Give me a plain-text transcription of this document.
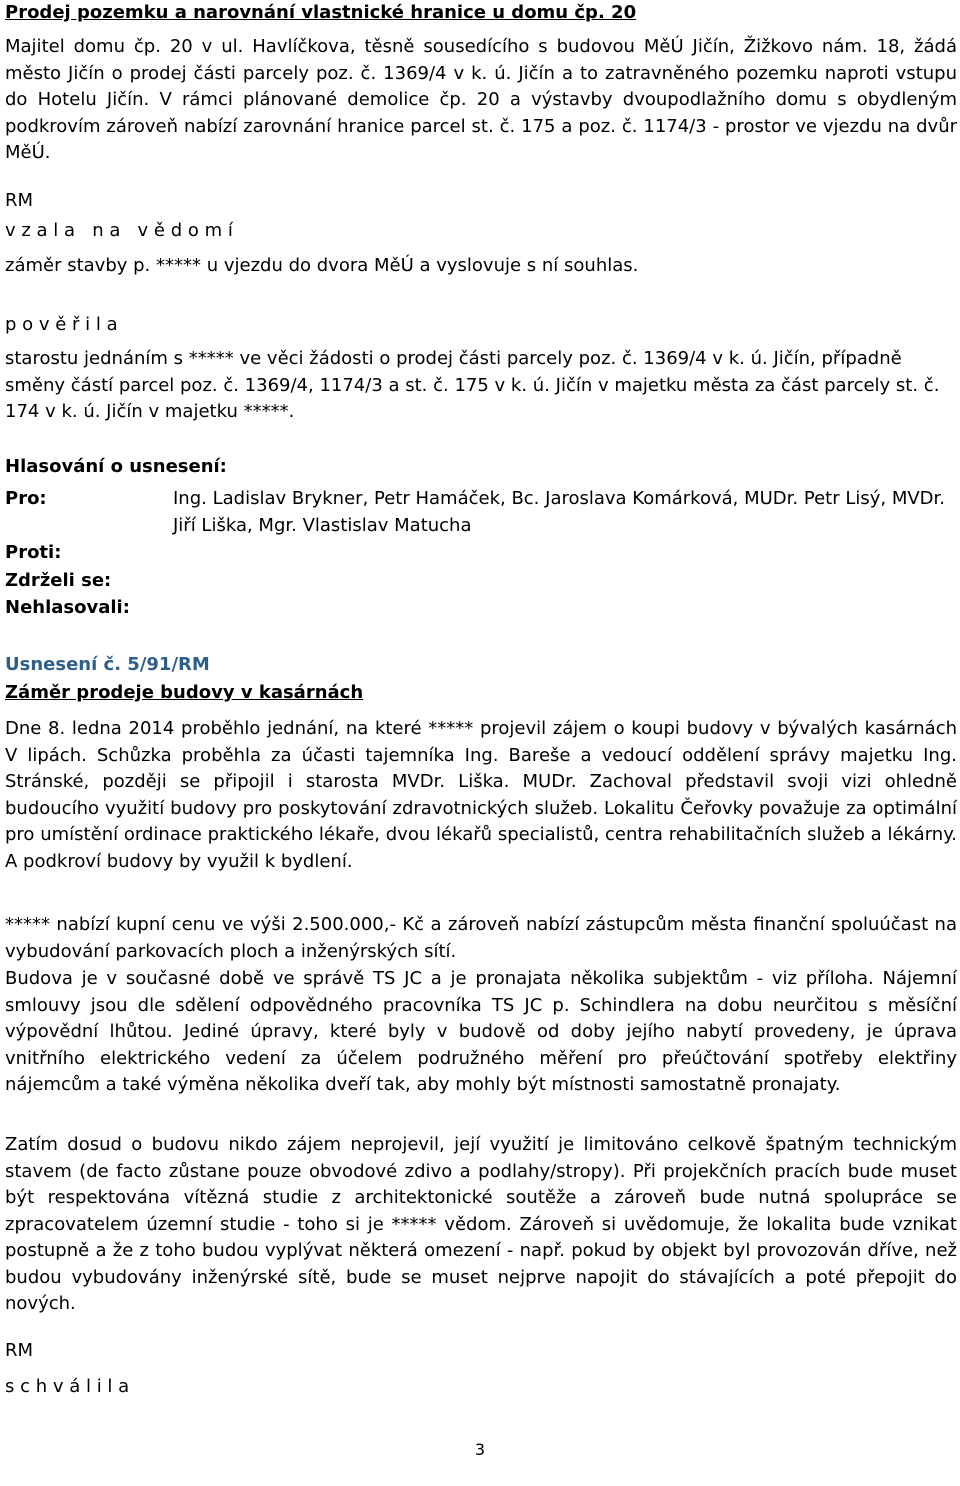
Prodej pozemku a narovnání vlastnické hranice u domu čp. 20
Majitel domu čp. 20 v ul. Havlíčkova, těsně sousedícího s budovou MěÚ Jičín, Žižkovo nám. 18, žádá město Jičín o prodej části parcely poz. č. 1369/4 v k. ú. Jičín a to zatravněného pozemku naproti vstupu do Hotelu Jičín. V rámci plánované demolice čp. 20 a výstavby dvoupodlažního domu s obydleným podkrovím zároveň nabízí zarovnání hranice parcel st. č. 175 a poz. č. 1174/3 - prostor ve vjezdu na dvůr MěÚ.
RM
v z a l a   n a   v ě d o m í
záměr stavby p. ***** u vjezdu do dvora MěÚ a vyslovuje s ní souhlas.
p o v ě ř i l a
starostu jednáním s ***** ve věci žádosti o prodej části parcely poz. č. 1369/4 v k. ú. Jičín, případně směny částí parcel poz. č. 1369/4, 1174/3 a st. č. 175 v k. ú. Jičín v majetku města za část parcely st. č. 174 v k. ú. Jičín v majetku *****.
Hlasování o usnesení:
Pro:	Ing. Ladislav Brykner, Petr Hamáček, Bc. Jaroslava Komárková, MUDr. Petr Lisý, MVDr. Jiří Liška, Mgr. Vlastislav Matucha
Proti:
Zdrželi se:
Nehlasovali:
Usnesení č. 5/91/RM
Záměr prodeje budovy v kasárnách
Dne 8. ledna 2014 proběhlo jednání, na které ***** projevil zájem o koupi budovy v bývalých kasárnách V lipách. Schůzka proběhla za účasti tajemníka Ing. Bareše a vedoucí oddělení správy majetku Ing. Stránské, později se připojil i starosta MVDr. Liška. MUDr. Zachoval představil svoji vizi ohledně budoucího využití budovy pro poskytování zdravotnických služeb. Lokalitu Čeřovky považuje za optimální pro umístění ordinace praktického lékaře, dvou lékařů specialistů, centra rehabilitačních služeb a lékárny. A podkroví budovy by využil k bydlení.
***** nabízí kupní cenu ve výši 2.500.000,- Kč a zároveň nabízí zástupcům města finanční spoluúčast na vybudování parkovacích ploch a inženýrských sítí.
Budova je v současné době ve správě TS JC a je pronajata několika subjektům - viz příloha. Nájemní smlouvy jsou dle sdělení odpovědného pracovníka TS JC p. Schindlera na dobu neurčitou s měsíční výpovědní lhůtou. Jediné úpravy, které byly v budově od doby jejího nabytí provedeny, je úprava vnitřního elektrického vedení za účelem podružného měření pro přeúčtování spotřeby elektřiny nájemcům a také výměna několika dveří tak, aby mohly být místnosti samostatně pronajaty.
Zatím dosud o budovu nikdo zájem neprojevil, její využití je limitováno celkově špatným technickým stavem (de facto zůstane pouze obvodové zdivo a podlahy/stropy). Při projekčních pracích bude muset být respektována vítězná studie z architektonické soutěže a zároveň bude nutná spolupráce se zpracovatelem územní studie - toho si je ***** vědom. Zároveň si uvědomuje, že lokalita bude vznikat postupně a že z toho budou vyplývat některá omezení - např. pokud by objekt byl provozován dříve, než budou vybudovány inženýrské sítě, bude se muset nejprve napojit do stávajících a poté přepojit do nových.
RM
s c h v á l i l a
3
